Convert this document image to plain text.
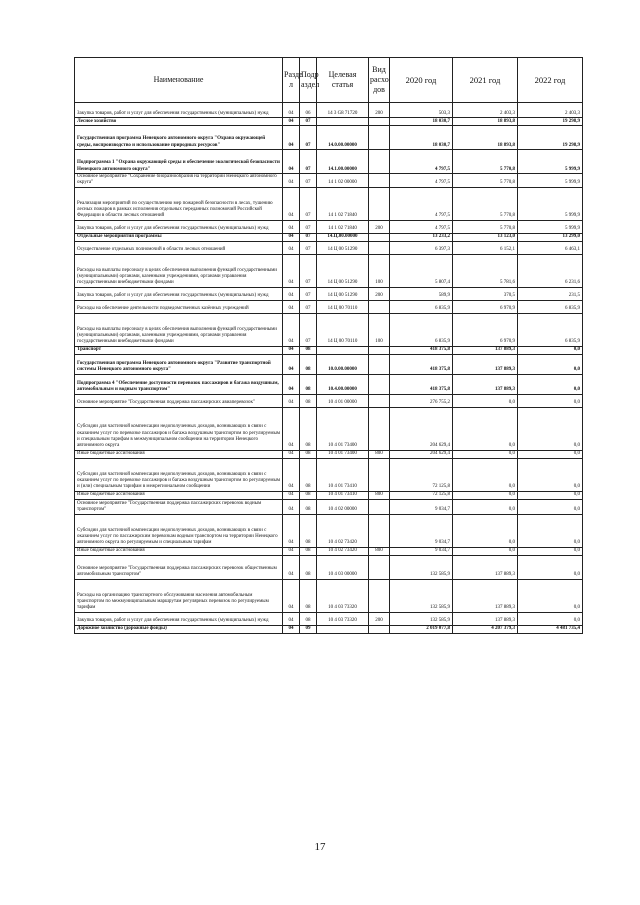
Наименование	Разде л	Подр аздел	Целевая статья	Вид расхо дов	2020 год	2021 год	2022 год
Закупка товаров, работ и услуг для обеспечения государственных (муниципальных) нужд	04	06	14 3 G8 71720	200	503,3	2 403,3	2 403,3
Лесное хозяйство	04	07			18 030,7	18 893,8	19 298,9
Государственная программа Ненецкого автономного округа "Охрана окружающей среды, воспроизводство и использование природных ресурсов"	04	07	14.0.00.00000		18 030,7	18 893,8	19 298,9
Подпрограмма 1 "Охрана окружающей среды и обеспечение экологической безопасности Ненецкого автономного округа"	04	07	14.1.00.00000		4 797,5	5 770,8	5 999,9
Основное мероприятие "Сохранение биоразнообразия на территории Ненецкого автономного округа"	04	07	14 1 02 00000		4 797,5	5 770,8	5 999,9
Реализация мероприятий по осуществлению мер пожарной безопасности в лесах, тушению лесных пожаров в рамках исполнения отдельных переданных полномочий Российской Федерации в области лесных отношений	04	07	14 1 02 71840		4 797,5	5 770,8	5 999,9
Закупка товаров, работ и услуг для обеспечения государственных (муниципальных) нужд	04	07	14 1 02 71840	200	4 797,5	5 770,8	5 999,9
Отдельные мероприятия программы	04	07	14.Ц.00.00000		13 233,2	13 123,0	13 299,0
Осуществление отдельных полномочий в области лесных отношений	04	07	14 Ц 00 51290		6 397,3	6 152,1	6 463,1
Расходы на выплаты персоналу в целях обеспечения выполнения функций государственными (муниципальными) органами, казенными учреждениями, органами управления государственными внебюджетными фондами	04	07	14 Ц 00 51290	100	5 807,4	5 781,6	6 231,6
Закупка товаров, работ и услуг для обеспечения государственных (муниципальных) нужд	04	07	14 Ц 00 51290	200	589,9	370,5	231,5
Расходы на обеспечение деятельности подведомственных казённых учреждений	04	07	14 Ц 00 70110		6 835,9	6 970,9	6 835,9
Расходы на выплаты персоналу в целях обеспечения выполнения функций государственными (муниципальными) органами, казенными учреждениями, органами управления государственными внебюджетными фондами	04	07	14 Ц 00 70110	100	6 835,9	6 970,9	6 835,9
Транспорт	04	08			418 375,8	137 889,3	0,0
Государственная программа Ненецкого автономного округа "Развитие транспортной системы Ненецкого автономного округа"	04	08	10.0.00.00000		418 375,8	137 889,3	0,0
Подпрограмма 4 "Обеспечение доступности перевозок пассажиров и багажа воздушным, автомобильным и водным транспортом"	04	08	10.4.00.00000		418 375,8	137 889,3	0,0
Основное мероприятие "Государственная поддержка пассажирских авиаперевозок"	04	08	10 4 01 00000		276 755,2	0,0	0,0
Субсидии для частичной компенсации недополученных доходов, возникающих в связи с оказанием услуг по перевозке пассажиров и багажа воздушным транспортом по регулируемым и специальным тарифам в межмуниципальном сообщении на территории Ненецкого автономного округа	04	08	10 4 01 73400		204 629,4	0,0	0,0
Иные бюджетные ассигнования	04	08	10 4 01 73400	800	204 629,4	0,0	0,0
Субсидии для частичной компенсации недополученных доходов, возникающих в связи с оказанием услуг по перевозке пассажиров и багажа воздушным транспортом по регулируемым и (или) специальным тарифам в межрегиональном сообщении	04	08	10 4 01 73410		72 125,8	0,0	0,0
Иные бюджетные ассигнования	04	08	10 4 01 73410	800	72 125,8	0,0	0,0
Основное мероприятие "Государственная поддержка пассажирских перевозок водным транспортом"	04	08	10 4 02 00000		9 034,7	0,0	0,0
Субсидии для частичной компенсации недополученных доходов, возникающих в связи с оказанием услуг по пассажирским перевозкам водным транспортом на территории Ненецкого автономного округа по регулируемым и специальным тарифам	04	08	10 4 02 73420		9 034,7	0,0	0,0
Иные бюджетные ассигнования	04	08	10 4 02 73420	800	9 034,7	0,0	0,0
Основное мероприятие "Государственная поддержка пассажирских перевозок общественным автомобильным транспортом"	04	08	10 4 03 00000		132 585,9	137 889,3	0,0
Расходы на организацию транспортного обслуживания населения автомобильным транспортом по межмуниципальным маршрутам регулярных перевозок по регулируемым тарифам	04	08	10 4 03 73320		132 585,9	137 889,3	0,0
Закупка товаров, работ и услуг для обеспечения государственных (муниципальных) нужд	04	08	10 4 03 73320	200	132 585,9	137 889,3	0,0
Дорожное хозяйство (дорожные фонды)	04	09			2 019 077,8	4 207 379,3	4 481 735,4
17
